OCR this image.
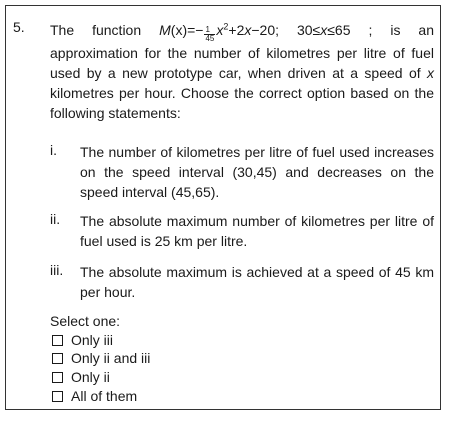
5. The function $M(x)=- \frac{1}{45} x^2+2x-20$; 30≤x≤65 ; is an approximation for the number of kilometres per litre of fuel used by a new prototype car, when driven at a speed of x kilometres per hour. Choose the correct option based on the following statements:
i. The number of kilometres per litre of fuel used increases on the speed interval (30,45) and decreases on the speed interval (45,65).
ii. The absolute maximum number of kilometres per litre of fuel used is 25 km per litre.
iii. The absolute maximum is achieved at a speed of 45 km per hour.
Select one:
Only iii
Only ii and iii
Only ii
All of them
